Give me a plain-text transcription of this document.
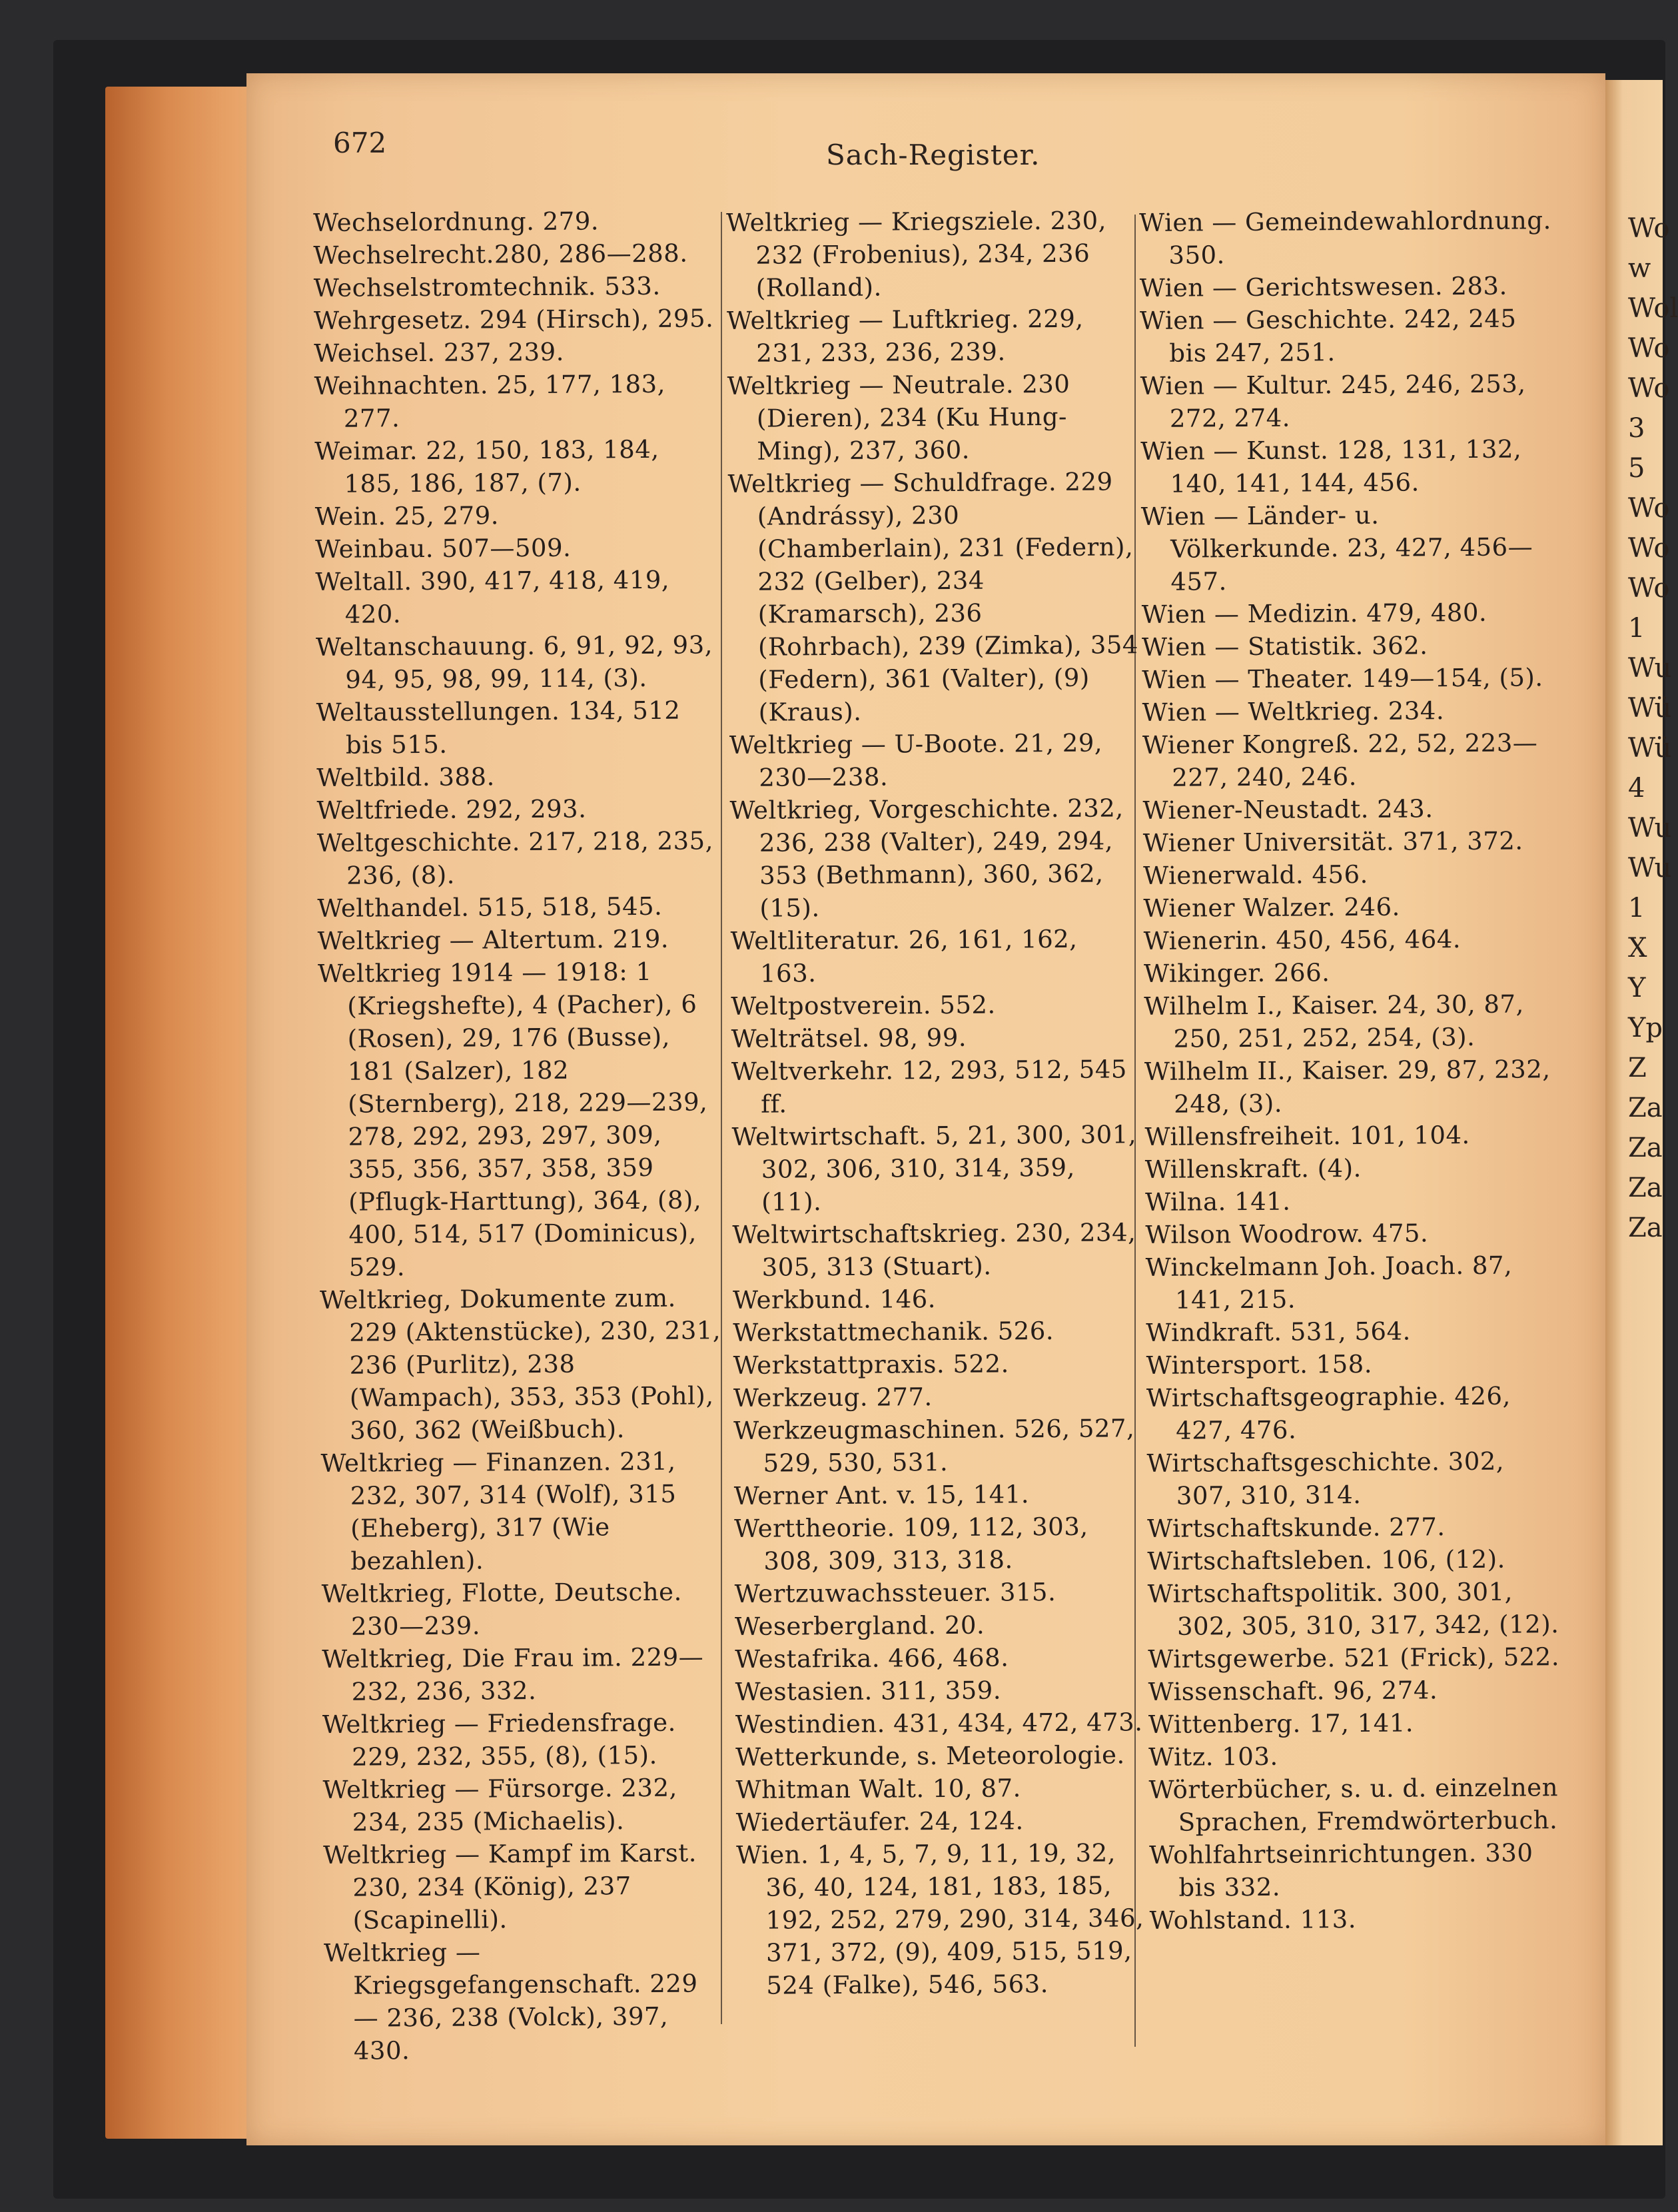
Wo
w
Wol
Wo
Wo
3
5
Wo
Wo
Wo
1
Wu
Wü
Wü
4
Wu
Wu
1
X
Y
Yp
Z
Za
Za
Za
Za
672	Sach-Register.
Wechselordnung. 279.
Wechselrecht.280, 286—288.
Wechselstromtechnik. 533.
Wehrgesetz. 294 (Hirsch), 295.
Weichsel. 237, 239.
Weihnachten. 25, 177, 183, 277.
Weimar. 22, 150, 183, 184, 185, 186, 187, (7).
Wein. 25, 279.
Weinbau. 507—509.
Weltall. 390, 417, 418, 419, 420.
Weltanschauung. 6, 91, 92, 93, 94, 95, 98, 99, 114, (3).
Weltausstellungen. 134, 512 bis 515.
Weltbild. 388.
Weltfriede. 292, 293.
Weltgeschichte. 217, 218, 235, 236, (8).
Welthandel. 515, 518, 545.
Weltkrieg — Altertum. 219.
Weltkrieg 1914 — 1918: 1 (Kriegshefte), 4 (Pacher), 6 (Rosen), 29, 176 (Busse), 181 (Salzer), 182 (Sternberg), 218, 229—239, 278, 292, 293, 297, 309, 355, 356, 357, 358, 359 (Pflugk-Harttung), 364, (8), 400, 514, 517 (Dominicus), 529.
Weltkrieg, Dokumente zum. 229 (Aktenstücke), 230, 231, 236 (Purlitz), 238 (Wampach), 353, 353 (Pohl), 360, 362 (Weißbuch).
Weltkrieg — Finanzen. 231, 232, 307, 314 (Wolf), 315 (Eheberg), 317 (Wie bezahlen).
Weltkrieg, Flotte, Deutsche. 230—239.
Weltkrieg, Die Frau im. 229—232, 236, 332.
Weltkrieg — Friedensfrage. 229, 232, 355, (8), (15).
Weltkrieg — Fürsorge. 232, 234, 235 (Michaelis).
Weltkrieg — Kampf im Karst. 230, 234 (König), 237 (Scapinelli).
Weltkrieg — Kriegsgefangenschaft. 229 — 236, 238 (Volck), 397, 430.
Weltkrieg — Kriegsziele. 230, 232 (Frobenius), 234, 236 (Rolland).
Weltkrieg — Luftkrieg. 229, 231, 233, 236, 239.
Weltkrieg — Neutrale. 230 (Dieren), 234 (Ku Hung-Ming), 237, 360.
Weltkrieg — Schuldfrage. 229 (Andrássy), 230 (Chamberlain), 231 (Federn), 232 (Gelber), 234 (Kramarsch), 236 (Rohrbach), 239 (Zimka), 354 (Federn), 361 (Valter), (9) (Kraus).
Weltkrieg — U-Boote. 21, 29, 230—238.
Weltkrieg, Vorgeschichte. 232, 236, 238 (Valter), 249, 294, 353 (Bethmann), 360, 362, (15).
Weltliteratur. 26, 161, 162, 163.
Weltpostverein. 552.
Welträtsel. 98, 99.
Weltverkehr. 12, 293, 512, 545 ff.
Weltwirtschaft. 5, 21, 300, 301, 302, 306, 310, 314, 359, (11).
Weltwirtschaftskrieg. 230, 234, 305, 313 (Stuart).
Werkbund. 146.
Werkstattmechanik. 526.
Werkstattpraxis. 522.
Werkzeug. 277.
Werkzeugmaschinen. 526, 527, 529, 530, 531.
Werner Ant. v. 15, 141.
Werttheorie. 109, 112, 303, 308, 309, 313, 318.
Wertzuwachssteuer. 315.
Weserbergland. 20.
Westafrika. 466, 468.
Westasien. 311, 359.
Westindien. 431, 434, 472, 473.
Wetterkunde, s. Meteorologie.
Whitman Walt. 10, 87.
Wiedertäufer. 24, 124.
Wien. 1, 4, 5, 7, 9, 11, 19, 32, 36, 40, 124, 181, 183, 185, 192, 252, 279, 290, 314, 346, 371, 372, (9), 409, 515, 519, 524 (Falke), 546, 563.
Wien — Gemeindewahlordnung. 350.
Wien — Gerichtswesen. 283.
Wien — Geschichte. 242, 245 bis 247, 251.
Wien — Kultur. 245, 246, 253, 272, 274.
Wien — Kunst. 128, 131, 132, 140, 141, 144, 456.
Wien — Länder- u. Völkerkunde. 23, 427, 456—457.
Wien — Medizin. 479, 480.
Wien — Statistik. 362.
Wien — Theater. 149—154, (5).
Wien — Weltkrieg. 234.
Wiener Kongreß. 22, 52, 223—227, 240, 246.
Wiener-Neustadt. 243.
Wiener Universität. 371, 372.
Wienerwald. 456.
Wiener Walzer. 246.
Wienerin. 450, 456, 464.
Wikinger. 266.
Wilhelm I., Kaiser. 24, 30, 87, 250, 251, 252, 254, (3).
Wilhelm II., Kaiser. 29, 87, 232, 248, (3).
Willensfreiheit. 101, 104.
Willenskraft. (4).
Wilna. 141.
Wilson Woodrow. 475.
Winckelmann Joh. Joach. 87, 141, 215.
Windkraft. 531, 564.
Wintersport. 158.
Wirtschaftsgeographie. 426, 427, 476.
Wirtschaftsgeschichte. 302, 307, 310, 314.
Wirtschaftskunde. 277.
Wirtschaftsleben. 106, (12).
Wirtschaftspolitik. 300, 301, 302, 305, 310, 317, 342, (12).
Wirtsgewerbe. 521 (Frick), 522.
Wissenschaft. 96, 274.
Wittenberg. 17, 141.
Witz. 103.
Wörterbücher, s. u. d. einzelnen Sprachen, Fremdwörterbuch.
Wohlfahrtseinrichtungen. 330 bis 332.
Wohlstand. 113.
